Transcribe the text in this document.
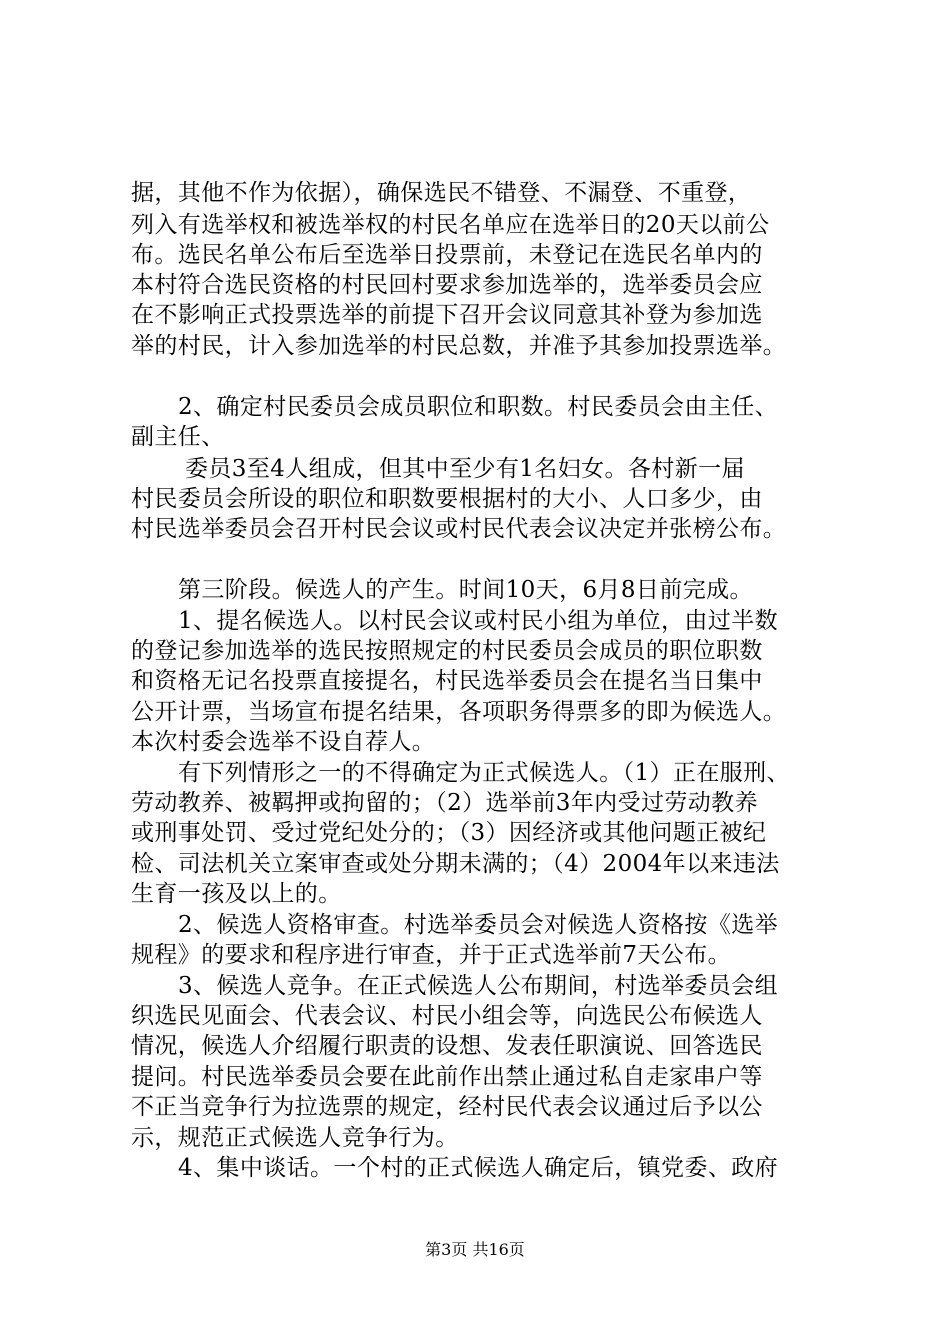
据，其他不作为依据），确保选民不错登、不漏登、不重登，
列入有选举权和被选举权的村民名单应在选举日的20天以前公
布。选民名单公布后至选举日投票前，未登记在选民名单内的
本村符合选民资格的村民回村要求参加选举的，选举委员会应
在不影响正式投票选举的前提下召开会议同意其补登为参加选
举的村民，计入参加选举的村民总数，并准予其参加投票选举。
2、确定村民委员会成员职位和职数。村民委员会由主任、
副主任、
委员3至4人组成，但其中至少有1名妇女。各村新一届
村民委员会所设的职位和职数要根据村的大小、人口多少，由
村民选举委员会召开村民会议或村民代表会议决定并张榜公布。
第三阶段。候选人的产生。时间10天，6月8日前完成。
1、提名候选人。以村民会议或村民小组为单位，由过半数
的登记参加选举的选民按照规定的村民委员会成员的职位职数
和资格无记名投票直接提名，村民选举委员会在提名当日集中
公开计票，当场宣布提名结果，各项职务得票多的即为候选人。
本次村委会选举不设自荐人。
有下列情形之一的不得确定为正式候选人。（1）正在服刑、
劳动教养、被羁押或拘留的；（2）选举前3年内受过劳动教养
或刑事处罚、受过党纪处分的；（3）因经济或其他问题正被纪
检、司法机关立案审查或处分期未满的；（4）2004年以来违法
生育一孩及以上的。
2、候选人资格审查。村选举委员会对候选人资格按《选举
规程》的要求和程序进行审查，并于正式选举前7天公布。
3、候选人竞争。在正式候选人公布期间，村选举委员会组
织选民见面会、代表会议、村民小组会等，向选民公布候选人
情况，候选人介绍履行职责的设想、发表任职演说、回答选民
提问。村民选举委员会要在此前作出禁止通过私自走家串户等
不正当竞争行为拉选票的规定，经村民代表会议通过后予以公
示，规范正式候选人竞争行为。
4、集中谈话。一个村的正式候选人确定后，镇党委、政府
第3页 共16页
